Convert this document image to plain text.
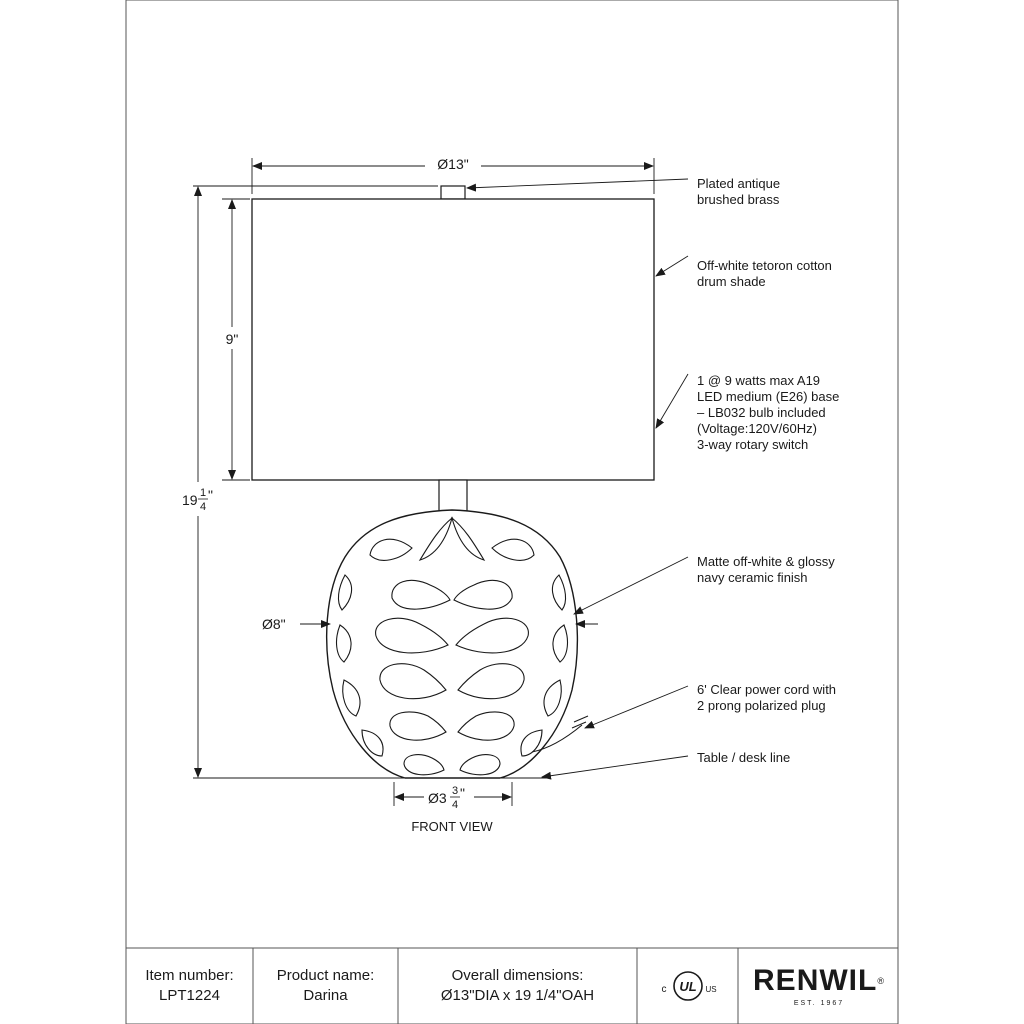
Ø13"
9"
19 1
4
"
Ø8"
Ø3 3
4
"
FRONT VIEW
Plated antique brushed brass
Off-white tetoron cotton drum shade
1 @ 9 watts max A19 LED medium (E26) base – LB032 bulb included (Voltage:120V/60Hz) 3-way rotary switch
Matte off-white & glossy navy ceramic finish
6' Clear power cord with 2 prong polarized plug
Table / desk line
Item number:
LPT1224
Product name:
Darina
Overall dimensions:
Ø13"DIA x 19 1/4"OAH
UL
c	US RENWIL®
EST. 1967
